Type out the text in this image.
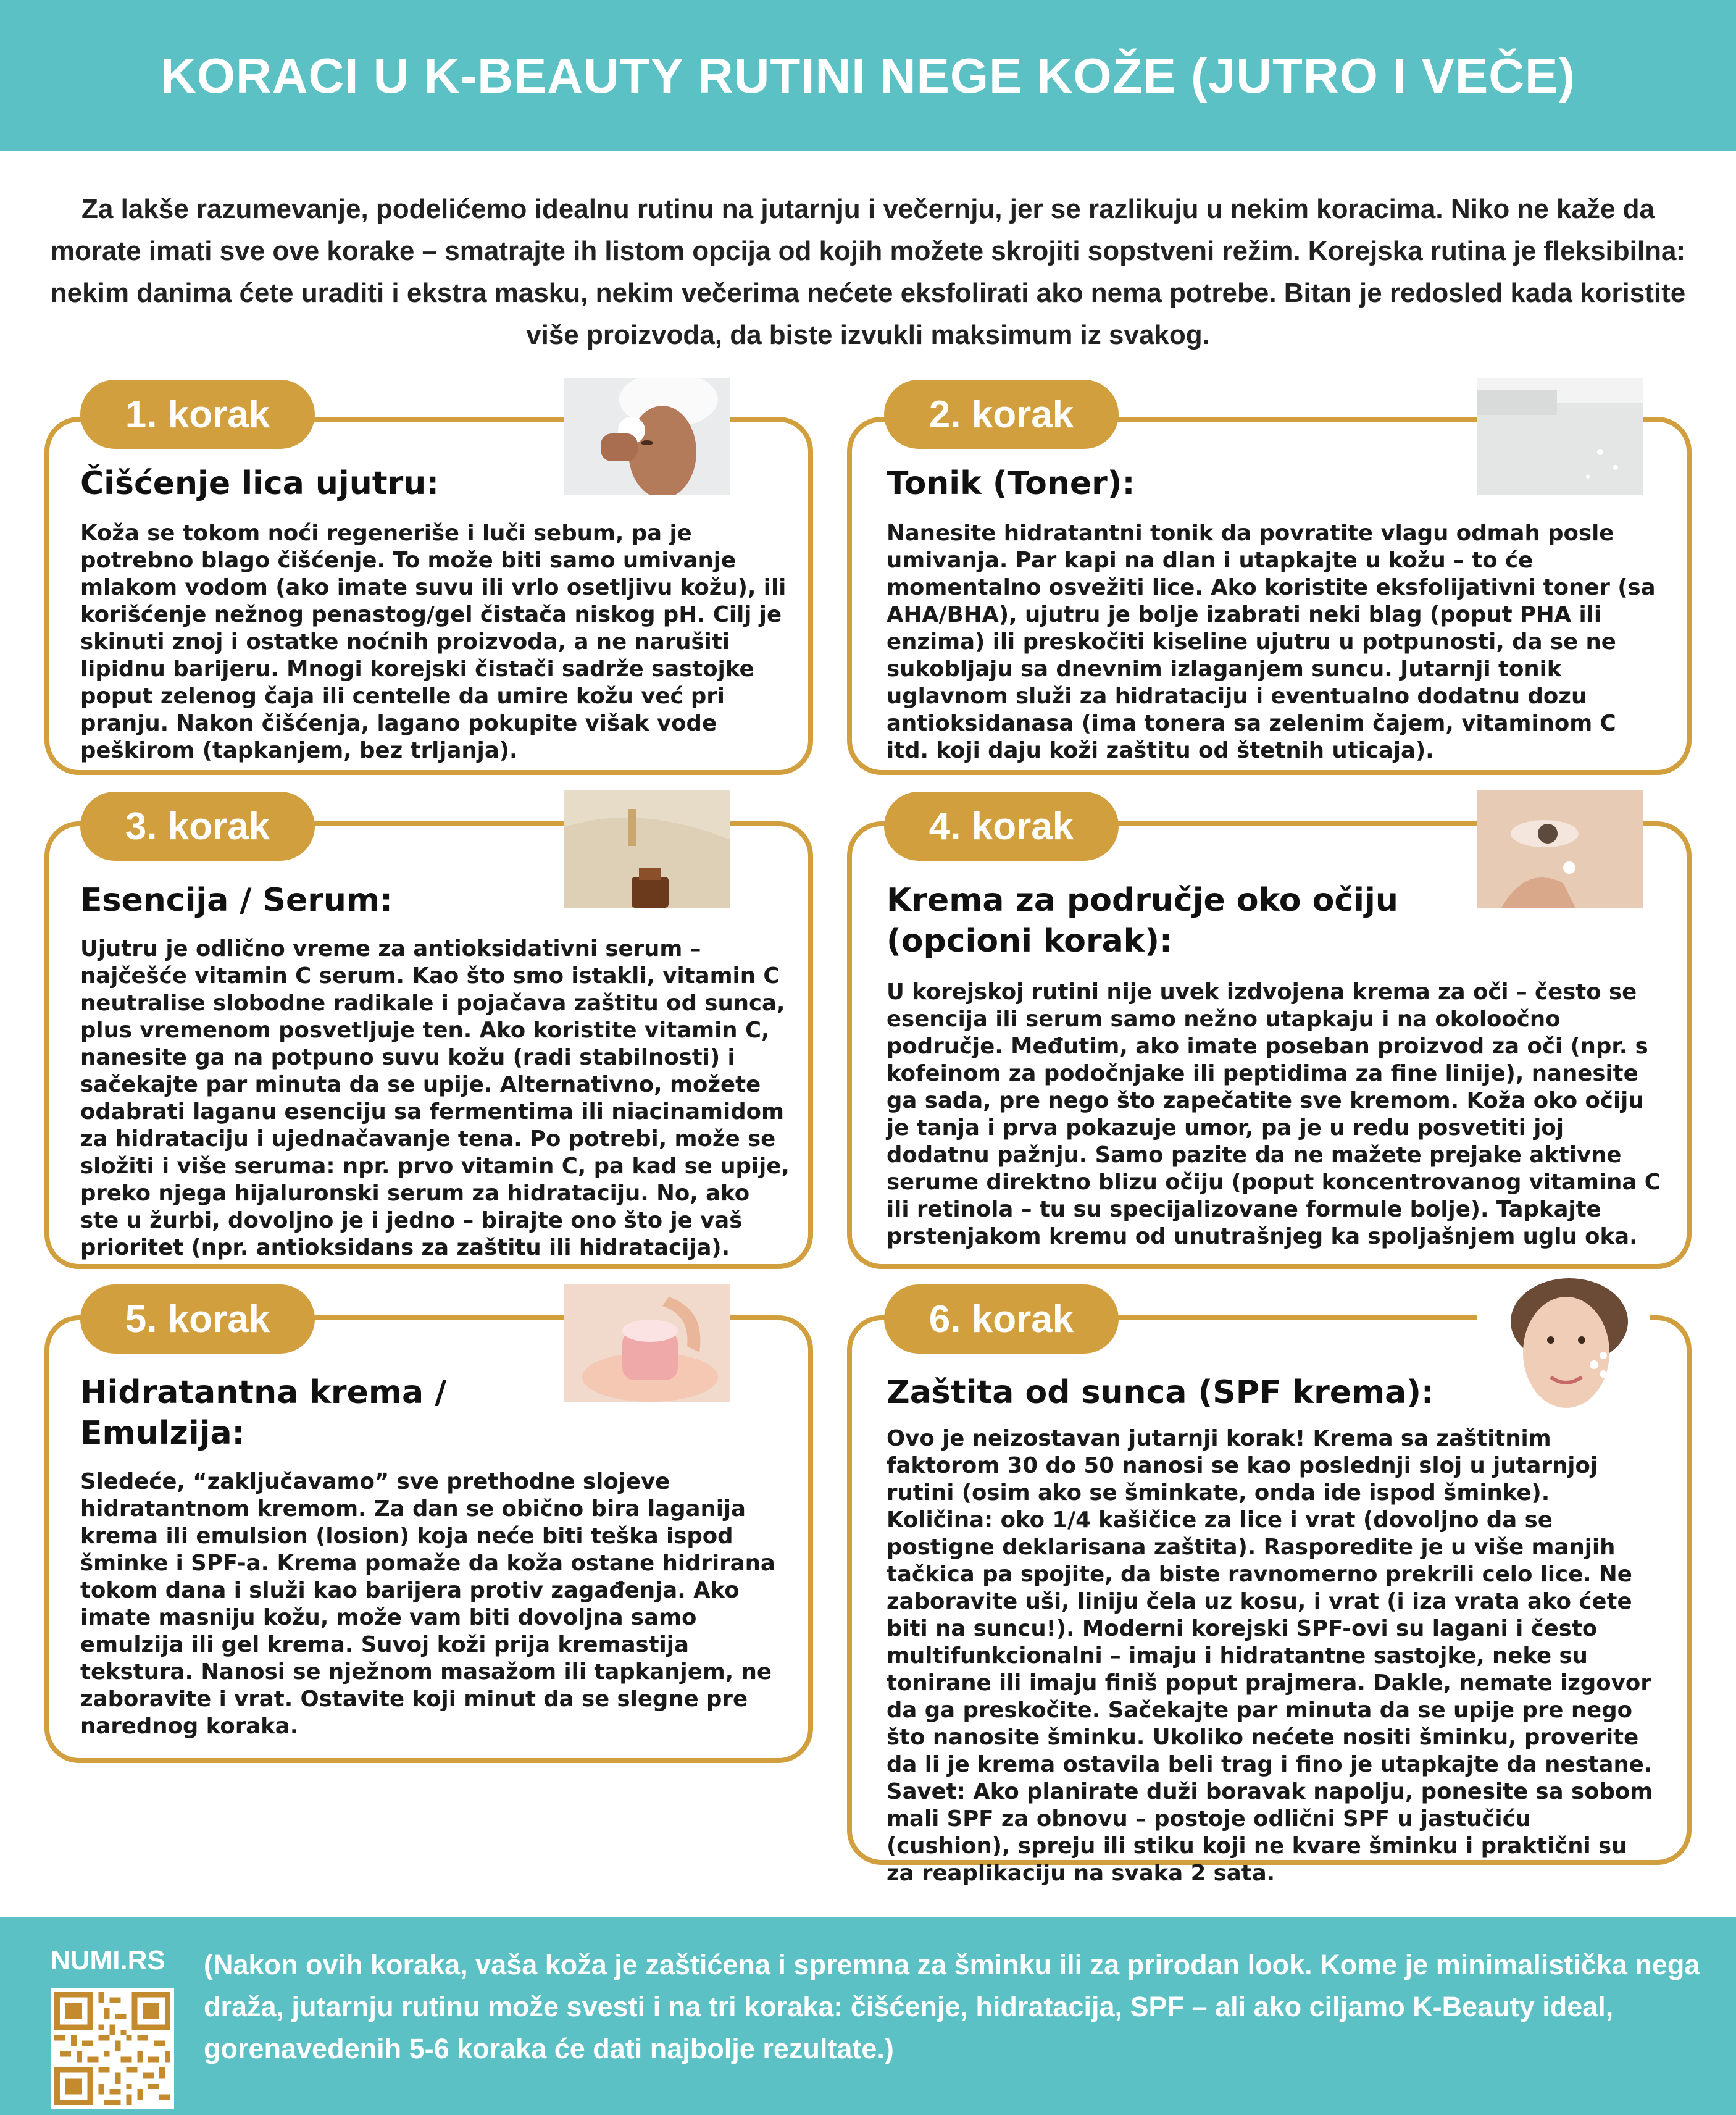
KORACI U K-BEAUTY RUTINI NEGE KOŽE (JUTRO I VEČE)
Za lakše razumevanje, podelićemo idealnu rutinu na jutarnju i večernju, jer se razlikuju u nekim koracima. Niko ne kaže da morate imati sve ove korake – smatrajte ih listom opcija od kojih možete skrojiti sopstveni režim. Korejska rutina je fleksibilna: nekim danima ćete uraditi i ekstra masku, nekim večerima nećete eksfolirati ako nema potrebe. Bitan je redosled kada koristite više proizvoda, da biste izvukli maksimum iz svakog.
1. korak
Čišćenje lica ujutru:
Koža se tokom noći regeneriše i luči sebum, pa je potrebno blago čišćenje. To može biti samo umivanje mlakom vodom (ako imate suvu ili vrlo osetljivu kožu), ili korišćenje nežnog penastog/gel čistača niskog pH. Cilj je skinuti znoj i ostatke noćnih proizvoda, a ne narušiti lipidnu barijeru. Mnogi korejski čistači sadrže sastojke poput zelenog čaja ili centelle da umire kožu već pri pranju. Nakon čišćenja, lagano pokupite višak vode peškirom (tapkanjem, bez trljanja).
2. korak
Tonik (Toner):
Nanesite hidratantni tonik da povratite vlagu odmah posle umivanja. Par kapi na dlan i utapkajte u kožu – to će momentalno osvežiti lice. Ako koristite eksfolijativni toner (sa AHA/BHA), ujutru je bolje izabrati neki blag (poput PHA ili enzima) ili preskočiti kiseline ujutru u potpunosti, da se ne sukobljaju sa dnevnim izlaganjem suncu. Jutarnji tonik uglavnom služi za hidrataciju i eventualno dodatnu dozu antioksidanasa (ima tonera sa zelenim čajem, vitaminom C itd. koji daju koži zaštitu od štetnih uticaja).
3. korak
Esencija / Serum:
Ujutru je odlično vreme za antioksidativni serum – najčešće vitamin C serum. Kao što smo istakli, vitamin C neutralise slobodne radikale i pojačava zaštitu od sunca, plus vremenom posvetljuje ten. Ako koristite vitamin C, nanesite ga na potpuno suvu kožu (radi stabilnosti) i sačekajte par minuta da se upije. Alternativno, možete odabrati laganu esenciju sa fermentima ili niacinamidom za hidrataciju i ujednačavanje tena. Po potrebi, može se složiti i više seruma: npr. prvo vitamin C, pa kad se upije, preko njega hijaluronski serum za hidrataciju. No, ako ste u žurbi, dovoljno je i jedno – birajte ono što je vaš prioritet (npr. antioksidans za zaštitu ili hidratacija).
4. korak
Krema za područje oko očiju (opcioni korak):
U korejskoj rutini nije uvek izdvojena krema za oči – često se esencija ili serum samo nežno utapkaju i na okoloočno područje. Međutim, ako imate poseban proizvod za oči (npr. s kofeinom za podočnjake ili peptidima za fine linije), nanesite ga sada, pre nego što zapečatite sve kremom. Koža oko očiju je tanja i prva pokazuje umor, pa je u redu posvetiti joj dodatnu pažnju. Samo pazite da ne mažete prejake aktivne serume direktno blizu očiju (poput koncentrovanog vitamina C ili retinola – tu su specijalizovane formule bolje). Tapkajte prstenjakom kremu od unutrašnjeg ka spoljašnjem uglu oka.
5. korak
Hidratantna krema / Emulzija:
Sledeće, “zaključavamo” sve prethodne slojeve hidratantnom kremom. Za dan se obično bira laganija krema ili emulsion (losion) koja neće biti teška ispod šminke i SPF-a. Krema pomaže da koža ostane hidrirana tokom dana i služi kao barijera protiv zagađenja. Ako imate masniju kožu, može vam biti dovoljna samo emulzija ili gel krema. Suvoj koži prija kremastija tekstura. Nanosi se nježnom masažom ili tapkanjem, ne zaboravite i vrat. Ostavite koji minut da se slegne pre narednog koraka.
6. korak
Zaštita od sunca (SPF krema):
Ovo je neizostavan jutarnji korak! Krema sa zaštitnim faktorom 30 do 50 nanosi se kao poslednji sloj u jutarnjoj rutini (osim ako se šminkate, onda ide ispod šminke). Količina: oko 1/4 kašičice za lice i vrat (dovoljno da se postigne deklarisana zaštita). Rasporedite je u više manjih tačkica pa spojite, da biste ravnomerno prekrili celo lice. Ne zaboravite uši, liniju čela uz kosu, i vrat (i iza vrata ako ćete biti na suncu!). Moderni korejski SPF-ovi su lagani i često multifunkcionalni – imaju i hidratantne sastojke, neke su tonirane ili imaju finiš poput prajmera. Dakle, nemate izgovor da ga preskočite. Sačekajte par minuta da se upije pre nego što nanosite šminku. Ukoliko nećete nositi šminku, proverite da li je krema ostavila beli trag i fino je utapkajte da nestane. Savet: Ako planirate duži boravak napolju, ponesite sa sobom mali SPF za obnovu – postoje odlični SPF u jastučiću (cushion), spreju ili stiku koji ne kvare šminku i praktični su za reaplikaciju na svaka 2 sata.
NUMI.RS (Nakon ovih koraka, vaša koža je zaštićena i spremna za šminku ili za prirodan look. Kome je minimalistička nega draža, jutarnju rutinu može svesti i na tri koraka: čišćenje, hidratacija, SPF – ali ako ciljamo K-Beauty ideal, gorenavedenih 5-6 koraka će dati najbolje rezultate.)
